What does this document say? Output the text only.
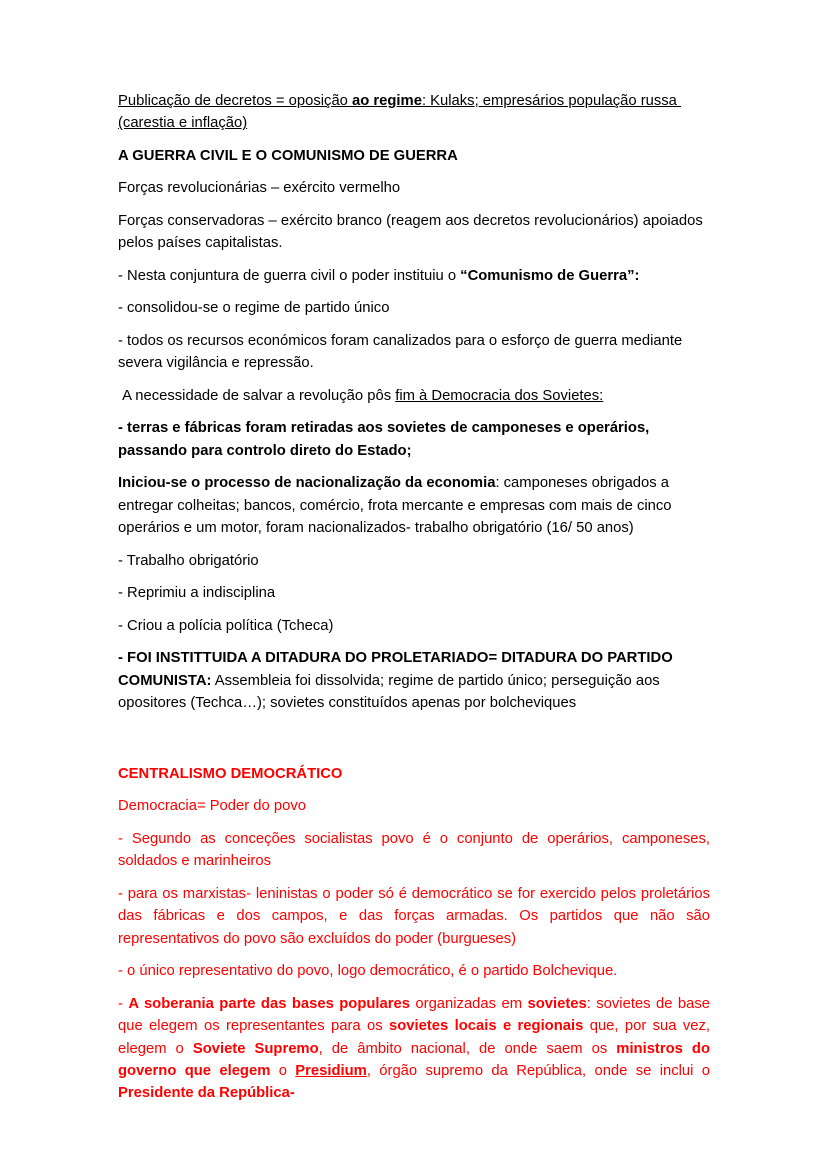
Publicação de decretos = oposição ao regime: Kulaks; empresários população russa (carestia e inflação)

A GUERRA CIVIL E O COMUNISMO DE GUERRA

Forças revolucionárias – exército vermelho

Forças conservadoras – exército branco (reagem aos decretos revolucionários) apoiados pelos países capitalistas.

- Nesta conjuntura de guerra civil o poder instituiu o “Comunismo de Guerra”:

- consolidou-se o regime de partido único

- todos os recursos económicos foram canalizados para o esforço de guerra mediante severa vigilância e repressão.

A necessidade de salvar a revolução pôs fim à Democracia dos Sovietes:

- terras e fábricas foram retiradas aos sovietes de camponeses e operários, passando para controlo direto do Estado;

Iniciou-se o processo de nacionalização da economia: camponeses obrigados a entregar colheitas; bancos, comércio, frota mercante e empresas com mais de cinco operários e um motor, foram nacionalizados- trabalho obrigatório (16/ 50 anos)

- Trabalho obrigatório

- Reprimiu a indisciplina

- Criou a polícia política (Tcheca)

- FOI INSTITTUIDA A DITADURA DO PROLETARIADO= DITADURA DO PARTIDO COMUNISTA: Assembleia foi dissolvida; regime de partido único; perseguição aos opositores (Techca…); sovietes constituídos apenas por bolcheviques

CENTRALISMO DEMOCRÁTICO

Democracia= Poder do povo

- Segundo as conceções socialistas povo é o conjunto de operários, camponeses, soldados e marinheiros

- para os marxistas- leninistas o poder só é democrático se for exercido pelos proletários das fábricas e dos campos, e das forças armadas. Os partidos que não são representativos do povo são excluídos do poder (burgueses)

- o único representativo do povo, logo democrático, é o partido Bolchevique.

- A soberania parte das bases populares organizadas em sovietes: sovietes de base que elegem os representantes para os sovietes locais e regionais que, por sua vez, elegem o Soviete Supremo, de âmbito nacional, de onde saem os ministros do governo que elegem o Presidium, órgão supremo da República, onde se inclui o Presidente da República-
